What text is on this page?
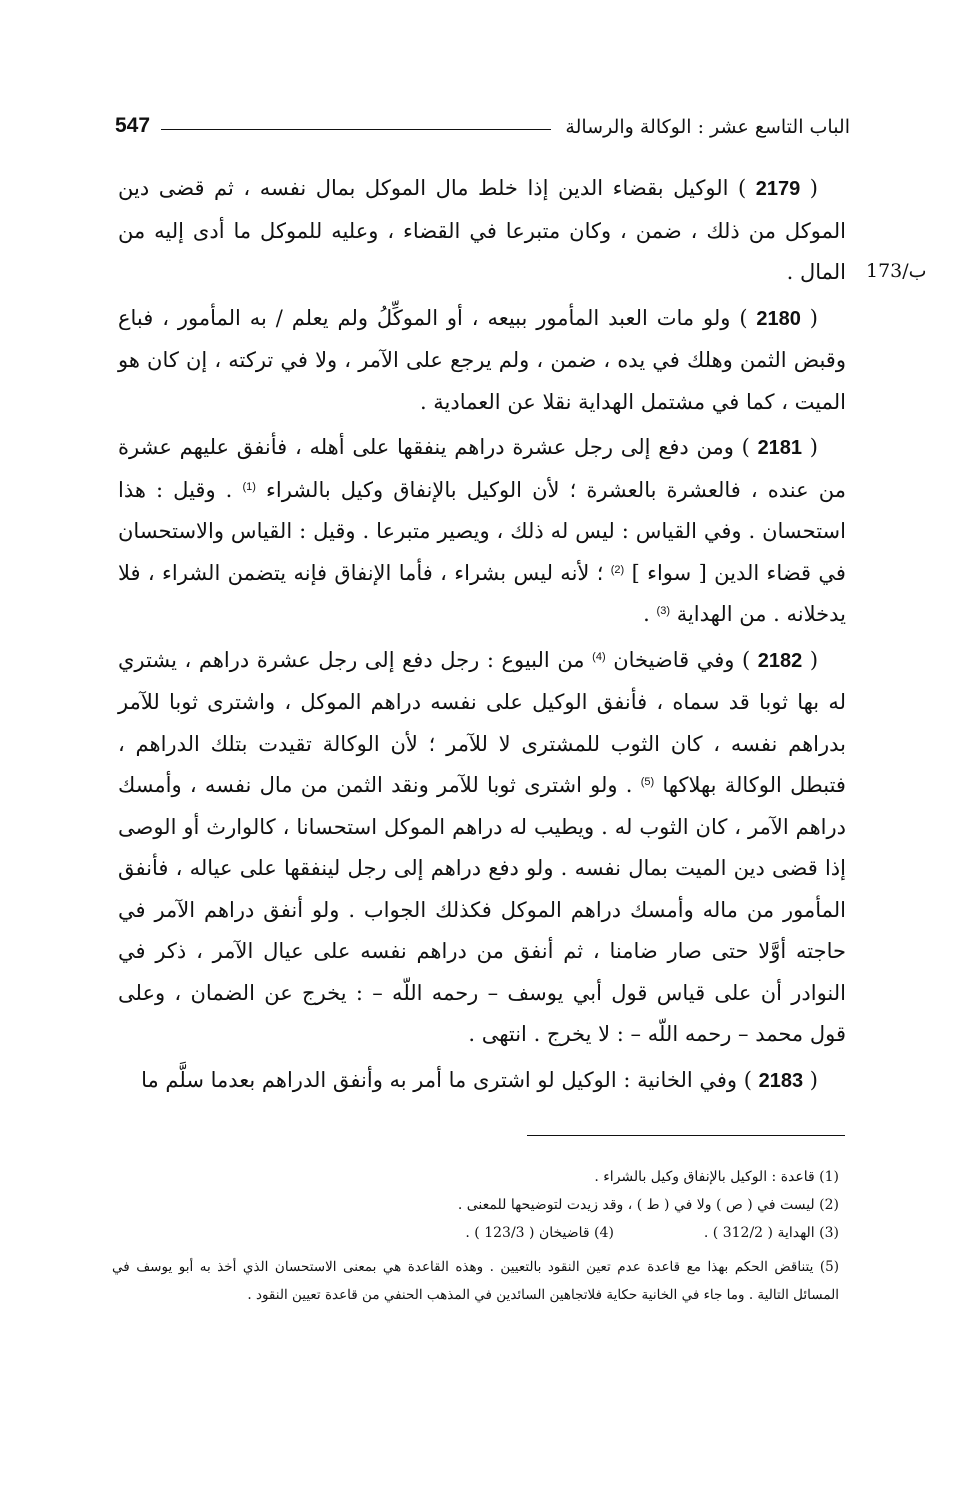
547	الباب التاسع عشر : الوكالة والرسالة
173/ب

( 2179 ) الوكيل بقضاء الدين إذا خلط مال الموكل بمال نفسه ، ثم قضى دين الموكل من ذلك ، ضمن ، وكان متبرعا في القضاء ، وعليه للموكل ما أدى إليه من المال .

( 2180 ) ولو مات العبد المأمور ببيعه ، أو الموكِّلُ ولم يعلم / به المأمور ، فباع وقبض الثمن وهلك في يده ، ضمن ، ولم يرجع على الآمر ، ولا في تركته ، إن كان هو الميت ، كما في مشتمل الهداية نقلا عن العمادية .

( 2181 ) ومن دفع إلى رجل عشرة دراهم ينفقها على أهله ، فأنفق عليهم عشرة من عنده ، فالعشرة بالعشرة ؛ لأن الوكيل بالإنفاق وكيل بالشراء $^{(1)}$ . وقيل : هذا استحسان . وفي القياس : ليس له ذلك ، ويصير متبرعا . وقيل : القياس والاستحسان في قضاء الدين [ سواء ] $^{(2)}$ ؛ لأنه ليس بشراء ، فأما الإنفاق فإنه يتضمن الشراء ، فلا يدخلانه . من الهداية $^{(3)}$ .

( 2182 ) وفي قاضيخان $^{(4)}$ من البيوع : رجل دفع إلى رجل عشرة دراهم ، يشتري له بها ثوبا قد سماه ، فأنفق الوكيل على نفسه دراهم الموكل ، واشترى ثوبا للآمر بدراهم نفسه ، كان الثوب للمشترى لا للآمر ؛ لأن الوكالة تقيدت بتلك الدراهم ، فتبطل الوكالة بهلاكها $^{(5)}$ . ولو اشترى ثوبا للآمر ونقد الثمن من مال نفسه ، وأمسك دراهم الآمر ، كان الثوب له . ويطيب له دراهم الموكل استحسانا ، كالوارث أو الوصى إذا قضى دين الميت بمال نفسه . ولو دفع دراهم إلى رجل لينفقها على عياله ، فأنفق المأمور من ماله وأمسك دراهم الموكل فكذلك الجواب . ولو أنفق دراهم الآمر في حاجته أوَّلا حتى صار ضامنا ، ثم أنفق من دراهم نفسه على عيال الآمر ، ذكر في النوادر أن على قياس قول أبي يوسف – رحمه اللّه – : يخرج عن الضمان ، وعلى قول محمد – رحمه اللّه – : لا يخرج . انتهى .

( 2183 ) وفي الخانية : الوكيل لو اشترى ما أمر به وأنفق الدراهم بعدما سلَّم ما

(1) قاعدة : الوكيل بالإنفاق وكيل بالشراء .

(2) ليست في ( ص ) ولا في ( ط ) ، وقد زيدت لتوضيحها للمعنى .

(3) الهداية ( 312/2 ) .
(4) قاضيخان ( 123/3 ) .

(5) يتناقض الحكم بهذا مع قاعدة عدم تعين النقود بالتعيين . وهذه القاعدة هي بمعنى الاستحسان الذي أخذ به أبو يوسف في المسائل التالية . وما جاء في الخانية حكاية فلاتجاهين السائدين في المذهب الحنفي من قاعدة تعيين النقود .
